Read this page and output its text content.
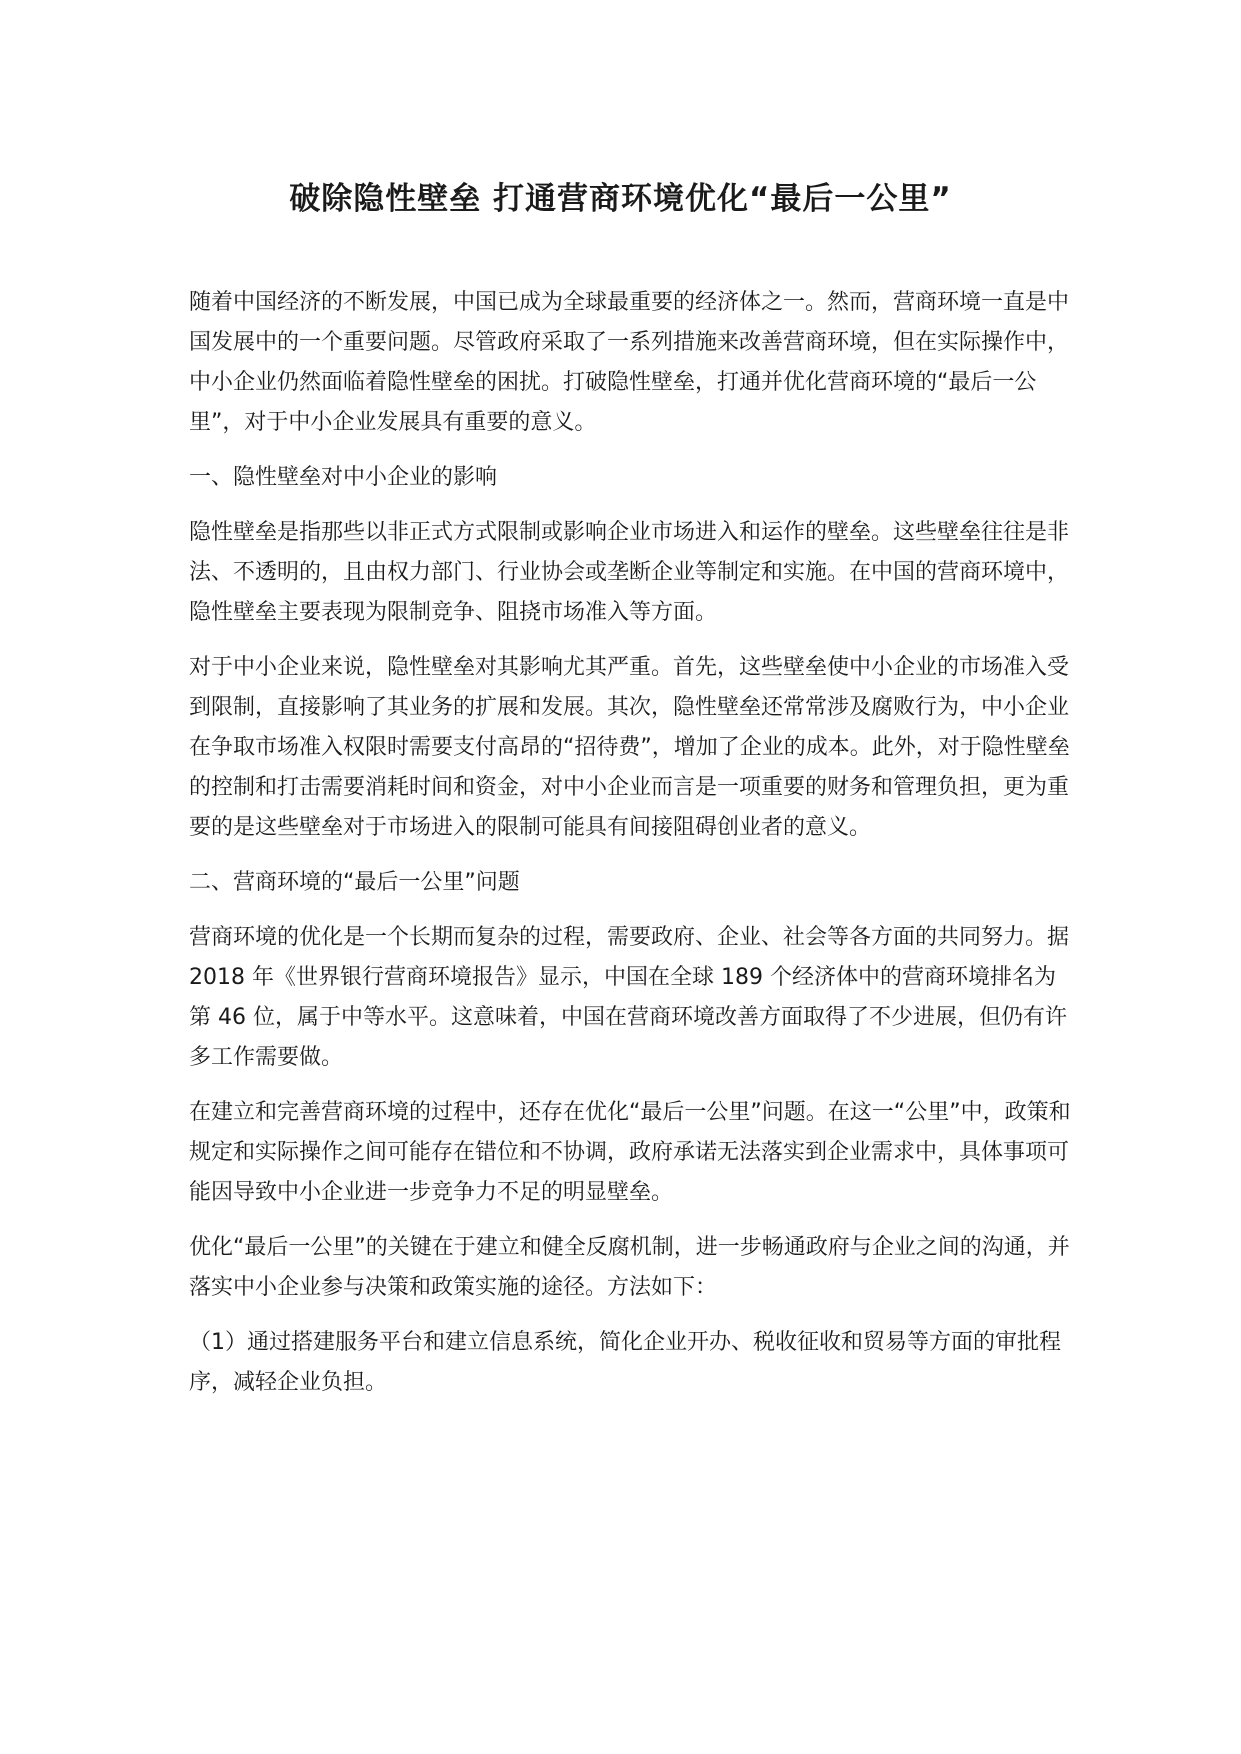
破除隐性壁垒 打通营商环境优化“最后一公里”

随着中国经济的不断发展，中国已成为全球最重要的经济体之一。然而，营商环境一直是中国发展中的一个重要问题。尽管政府采取了一系列措施来改善营商环境，但在实际操作中，中小企业仍然面临着隐性壁垒的困扰。打破隐性壁垒，打通并优化营商环境的“最后一公里”，对于中小企业发展具有重要的意义。

一、隐性壁垒对中小企业的影响

隐性壁垒是指那些以非正式方式限制或影响企业市场进入和运作的壁垒。这些壁垒往往是非法、不透明的，且由权力部门、行业协会或垄断企业等制定和实施。在中国的营商环境中，隐性壁垒主要表现为限制竞争、阻挠市场准入等方面。

对于中小企业来说，隐性壁垒对其影响尤其严重。首先，这些壁垒使中小企业的市场准入受到限制，直接影响了其业务的扩展和发展。其次，隐性壁垒还常常涉及腐败行为，中小企业在争取市场准入权限时需要支付高昂的“招待费”，增加了企业的成本。此外，对于隐性壁垒的控制和打击需要消耗时间和资金，对中小企业而言是一项重要的财务和管理负担，更为重要的是这些壁垒对于市场进入的限制可能具有间接阻碍创业者的意义。

二、营商环境的“最后一公里”问题

营商环境的优化是一个长期而复杂的过程，需要政府、企业、社会等各方面的共同努力。据 2018 年《世界银行营商环境报告》显示，中国在全球 189 个经济体中的营商环境排名为第 46 位，属于中等水平。这意味着，中国在营商环境改善方面取得了不少进展，但仍有许多工作需要做。

在建立和完善营商环境的过程中，还存在优化“最后一公里”问题。在这一“公里”中，政策和规定和实际操作之间可能存在错位和不协调，政府承诺无法落实到企业需求中，具体事项可能因导致中小企业进一步竞争力不足的明显壁垒。

优化“最后一公里”的关键在于建立和健全反腐机制，进一步畅通政府与企业之间的沟通，并落实中小企业参与决策和政策实施的途径。方法如下：

（1）通过搭建服务平台和建立信息系统，简化企业开办、税收征收和贸易等方面的审批程序，减轻企业负担。
